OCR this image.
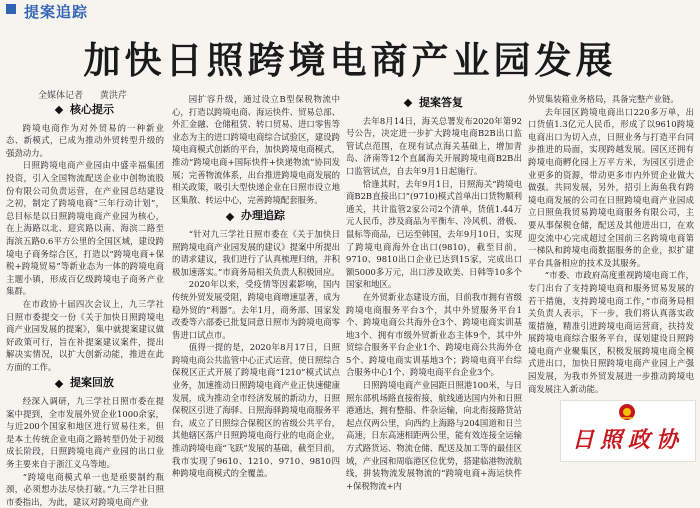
提案追踪
加快日照跨境电商产业园发展
全媒体记者 黄洪芹
核心提示

跨境电商作为对外贸易的一种新业态、新模式，已成为推动外贸转型升级的强劲动力。

日照跨境电商产业园由中盛幸福集团投资，引入全国物流配送企业中创物流股份有限公司负责运营，在产业园总结建设之初，制定了跨境电商“三年行动计划”，总目标是以日照跨境电商产业园为核心，在上海路以北、迎宾路以南、海滨二路至海滨五路0.6平方公里的全国区域，建设跨境电子商务综合区，打造以“跨境电商+保税+跨境贸易”等新业态为一体的跨境电商主题小镇，形成百亿级跨境电子商务产业集群。

在市政协十届四次会议上，九三学社日照市委提交一份《关于加快日照跨境电商产业园发展的提案》，集中就提案建议做好政策可行，旨在补提案建议案件，提出解决实情况，以扩大创新动能，推进在此方面的工作。

提案回放

经深入调研，九三学社日照市委在提案中提到，全市发展外贸企业1000余家，与近200个国家和地区进行贸易往来，但是本土传统企业电商之路转型仍处于初级成长阶段，日照跨境电商产业园的出口业务主要来自于浙江义乌等地。

“跨境电商模式单一也是亟要制约瓶颈，必须想办法尽快打破。”九三学社日照市委指出，为此，建议对跨境电商产业

园扩容升级，通过设立B型保税物流中心，打造以跨境电商、海运快件、贸易总部、外汇金融、仓储租赁、转口贸易、进口零售等业态为主的进口跨境电商综合试验区，建设跨境电商模式创新的平台，加快跨境电商模式，推动“跨境电商+国际快件+快递物流”协同发展；完善物流体系，出台推进跨境电商发展的相关政策，吸引大型快递企业在日照市设立地区集散、转运中心，完善跨境配套服务。

办理追踪

“针对九三学社日照市委在《关于加快日照跨境电商产业园发展的建议》提案中所提出的请求建议，我们进行了认真梳理归纳，并积极加速落实。”市商务局相关负责人积极回应。

2020年以来，受疫情等因素影响，国内传统外贸发展受阻，跨境电商增速显著，成为稳外贸的“利器”。去年1月，商务部、国家发改委等六部委已批复同意日照市为跨境电商零售进口试点市。

值得一提的是，2020年8月17日，日照跨境电商公共监管中心正式运营，使日照综合保税区正式开展了跨境电商“1210”模式试点业务，加速推动日照跨境电商产业正快速健康发展，成为推动全市经济发展的新动力，日照保税区引进了海驿、日照海驿跨境电商服务平台，成立了日照综合保税区的省级公共平台，其他辖区落户日照跨境电商行业的电商企业，推动跨境电商“飞跃”发展的基础，截至目前，我市实现了9610、1210、9710、9810四种跨境电商模式的全覆盖。

提案答复

去年8月14日，海关总署发布2020年第92号公告，决定进一步扩大跨境电商B2B出口监管试点范围，在现有试点海关基础上，增加青岛、济南等12个直属海关开展跨境电商B2B出口监管试点，自去年9月1日起施行。

恰逢其时，去年9月1日，日照海关“跨境电商B2B直接出口”(9710)模式首单出口货物顺利通关，共计监管2家公司2个清单，货值1.44万元人民币，涉及商品为平衡车、冷风机、滑板、鼠标等商品，已运至韩国，去年9月10日，实现了跨境电商海外仓出口(9810)，截至目前，9710、9810出口企业已达到15家，完成出口额5000多万元，出口涉及欧美、日韩等10多个国家和地区。

在外贸新业态建设方面，目前我市拥有省级跨境电商服务平台3个，其中外贸服务平台1个、跨境电商公共海外仓3个、跨境电商实训基地3个、拥有市级外贸新业态主体9个，其中外贸综合服务平台企业1个、跨境电商公共海外仓5个、跨境电商实训基地3个；跨境电商平台综合服务中心1个、跨境电商平台企业3个。

日照跨境电商产业园距日照港100米，与日照东部机场路直接衔接，航线通达国内外和日照港通达，拥有整船、件杂运输，向北衔接路货站起点仅两公里，向西约上海路与204国道和日兰高速，日东高速相距两公里，能有效连接全运输方式路货运、物流仓储、配送及加工等的最佳区域，产业园和周临港区位优势，搭建临港物流航线，拼装物流发展物流的“跨境电商+海运快件+保税物流+内

外贸集装箱业务格局，具备完整产业链。

去年园区跨境电商出口220多万单，出口货值1.3亿元人民币，形成了以9610跨境电商出口为切入点，日照业务与打造平台同步推进的局面，实现跨越发展。园区还拥有跨境电商孵化园上万平方米，为园区引进企业更多的资源，带动更多市内外贸企业做大做强。共同发展，另外，招引上海鱼我有跨境电商发展的公司在日照跨境电商产业园成立日照鱼我贸易跨境电商服务有限公司，主要从事保税仓储，配送及其他进出口，在欢迎交流中心完成超过全国前三名跨境电商第一梯队和跨境电商数据服务的企业，拟扩建平台具备相应的技术及其服务。

“市委、市政府高度重视跨境电商工作，专门出台了支持跨境电商和服务贸易发展的若干措施，支持跨境电商工作，”市商务局相关负责人表示，下一步，我们将认真落实政策措施，精准引进跨境电商运营商，扶持发展跨境电商综合服务平台，谋划建设日照跨境电商产业聚集区，积极发展跨境电商全模式进出口，加快日照跨境电商产业园上产强园发展，为我市外贸发展进一步推动跨境电商发展注入新动能。

日照政协
